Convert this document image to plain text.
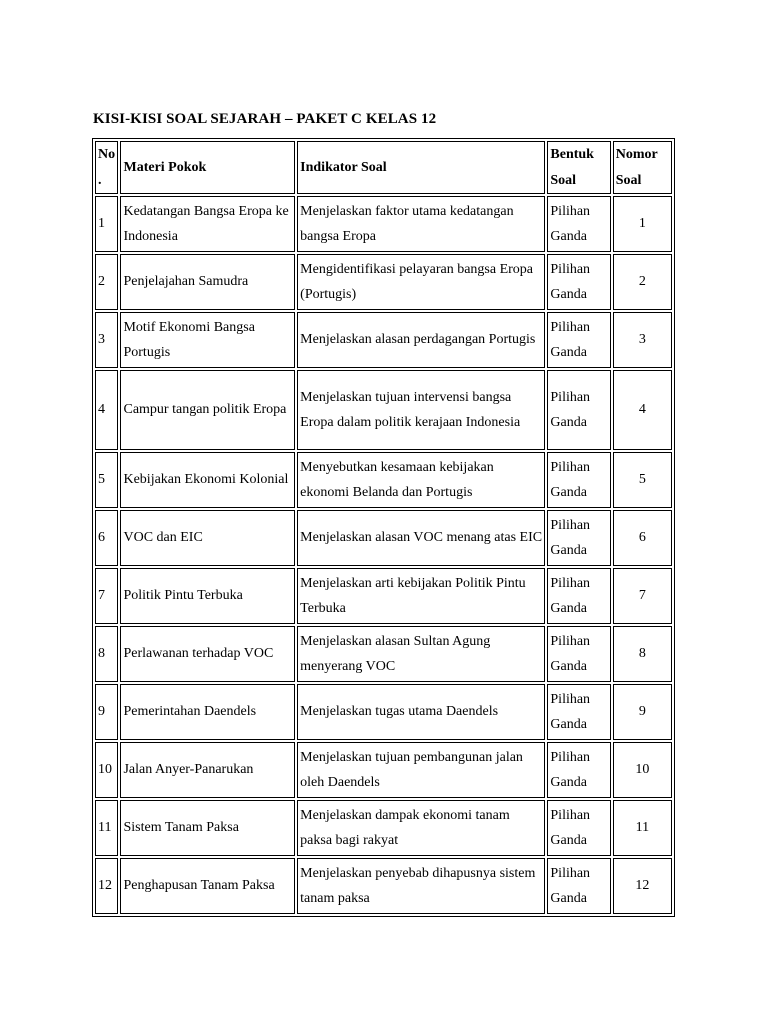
KISI-KISI SOAL SEJARAH – PAKET C KELAS 12
No.	Materi Pokok	Indikator Soal	Bentuk Soal	Nomor Soal
1	Kedatangan Bangsa Eropa ke Indonesia	Menjelaskan faktor utama kedatangan bangsa Eropa	Pilihan Ganda	1
2	Penjelajahan Samudra	Mengidentifikasi pelayaran bangsa Eropa (Portugis)	Pilihan Ganda	2
3	Motif Ekonomi Bangsa Portugis	Menjelaskan alasan perdagangan Portugis	Pilihan Ganda	3
4	Campur tangan politik Eropa	Menjelaskan tujuan intervensi bangsa Eropa dalam politik kerajaan Indonesia	Pilihan Ganda	4
5	Kebijakan Ekonomi Kolonial	Menyebutkan kesamaan kebijakan ekonomi Belanda dan Portugis	Pilihan Ganda	5
6	VOC dan EIC	Menjelaskan alasan VOC menang atas EIC	Pilihan Ganda	6
7	Politik Pintu Terbuka	Menjelaskan arti kebijakan Politik Pintu Terbuka	Pilihan Ganda	7
8	Perlawanan terhadap VOC	Menjelaskan alasan Sultan Agung menyerang VOC	Pilihan Ganda	8
9	Pemerintahan Daendels	Menjelaskan tugas utama Daendels	Pilihan Ganda	9
10	Jalan Anyer-Panarukan	Menjelaskan tujuan pembangunan jalan oleh Daendels	Pilihan Ganda	10
11	Sistem Tanam Paksa	Menjelaskan dampak ekonomi tanam paksa bagi rakyat	Pilihan Ganda	11
12	Penghapusan Tanam Paksa	Menjelaskan penyebab dihapusnya sistem tanam paksa	Pilihan Ganda	12
